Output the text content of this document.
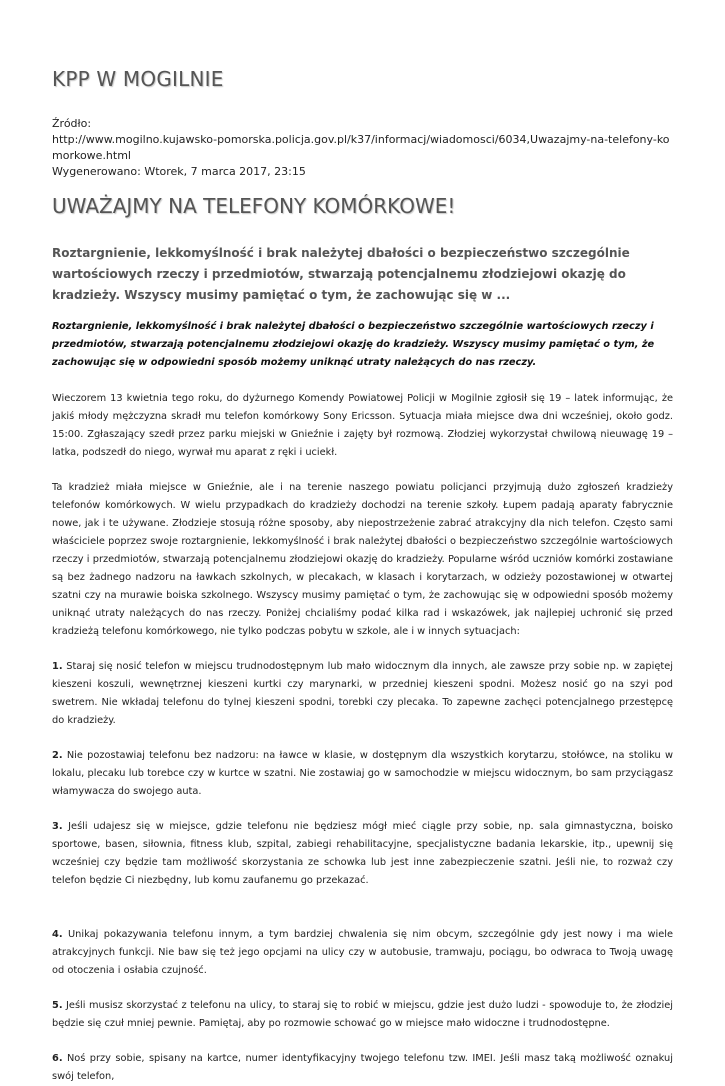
KPP W MOGILNIE
Źródło:
http://www.mogilno.kujawsko-pomorska.policja.gov.pl/k37/informacj/wiadomosci/6034,Uwazajmy-na-telefony-komorkowe.html
Wygenerowano: Wtorek, 7 marca 2017, 23:15
UWAŻAJMY NA TELEFONY KOMÓRKOWE!
Roztargnienie, lekkomyślność i brak należytej dbałości o bezpieczeństwo szczególnie wartościowych rzeczy i przedmiotów, stwarzają potencjalnemu złodziejowi okazję do kradzieży. Wszyscy musimy pamiętać o tym, że zachowując się w ...
Roztargnienie, lekkomyślność i brak należytej dbałości o bezpieczeństwo szczególnie wartościowych rzeczy i przedmiotów, stwarzają potencjalnemu złodziejowi okazję do kradzieży. Wszyscy musimy pamiętać o tym, że zachowując się w odpowiedni sposób możemy uniknąć utraty należących do nas rzeczy.

Wieczorem 13 kwietnia tego roku, do dyżurnego Komendy Powiatowej Policji w Mogilnie zgłosił się 19 – latek informując, że jakiś młody mężczyzna skradł mu telefon komórkowy Sony Ericsson. Sytuacja miała miejsce dwa dni wcześniej, około godz. 15:00. Zgłaszający szedł przez parku miejski w Gnieźnie i zajęty był rozmową. Złodziej wykorzystał chwilową nieuwagę 19 – latka, podszedł do niego, wyrwał mu aparat z ręki i uciekł.

Ta kradzież miała miejsce w Gnieźnie, ale i na terenie naszego powiatu policjanci przyjmują dużo zgłoszeń kradzieży telefonów komórkowych. W wielu przypadkach do kradzieży dochodzi na terenie szkoły. Łupem padają aparaty fabrycznie nowe, jak i te używane. Złodzieje stosują różne sposoby, aby niepostrzeżenie zabrać atrakcyjny dla nich telefon. Często sami właściciele poprzez swoje roztargnienie, lekkomyślność i brak należytej dbałości o bezpieczeństwo szczególnie wartościowych rzeczy i przedmiotów, stwarzają potencjalnemu złodziejowi okazję do kradzieży. Popularne wśród uczniów komórki zostawiane są bez żadnego nadzoru na ławkach szkolnych, w plecakach, w klasach i korytarzach, w odzieży pozostawionej w otwartej szatni czy na murawie boiska szkolnego. Wszyscy musimy pamiętać o tym, że zachowując się w odpowiedni sposób możemy uniknąć utraty należących do nas rzeczy. Poniżej chcialiśmy podać kilka rad i wskazówek, jak najlepiej uchronić się przed kradzieżą telefonu komórkowego, nie tylko podczas pobytu w szkole, ale i w innych sytuacjach:

1. Staraj się nosić telefon w miejscu trudnodostępnym lub mało widocznym dla innych, ale zawsze przy sobie np. w zapiętej kieszeni koszuli, wewnętrznej kieszeni kurtki czy marynarki, w przedniej kieszeni spodni. Możesz nosić go na szyi pod swetrem. Nie wkładaj telefonu do tylnej kieszeni spodni, torebki czy plecaka. To zapewne zachęci potencjalnego przestępcę do kradzieży.

2. Nie pozostawiaj telefonu bez nadzoru: na ławce w klasie, w dostępnym dla wszystkich korytarzu, stołówce, na stoliku w lokalu, plecaku lub torebce czy w kurtce w szatni. Nie zostawiaj go w samochodzie w miejscu widocznym, bo sam przyciągasz włamywacza do swojego auta.

3. Jeśli udajesz się w miejsce, gdzie telefonu nie będziesz mógł mieć ciągle przy sobie, np. sala gimnastyczna, boisko sportowe, basen, siłownia, fitness klub, szpital, zabiegi rehabilitacyjne, specjalistyczne badania lekarskie, itp., upewnij się wcześniej czy będzie tam możliwość skorzystania ze schowka lub jest inne zabezpieczenie szatni. Jeśli nie, to rozważ czy telefon będzie Ci niezbędny, lub komu zaufanemu go przekazać.

4. Unikaj pokazywania telefonu innym, a tym bardziej chwalenia się nim obcym, szczególnie gdy jest nowy i ma wiele atrakcyjnych funkcji. Nie baw się też jego opcjami na ulicy czy w autobusie, tramwaju, pociągu, bo odwraca to Twoją uwagę od otoczenia i osłabia czujność.

5. Jeśli musisz skorzystać z telefonu na ulicy, to staraj się to robić w miejscu, gdzie jest dużo ludzi - spowoduje to, że złodziej będzie się czuł mniej pewnie. Pamiętaj, aby po rozmowie schować go w miejsce mało widoczne i trudnodostępne.

6. Noś przy sobie, spisany na kartce, numer identyfikacyjny twojego telefonu tzw. IMEI. Jeśli masz taką możliwość oznakuj swój telefon,
